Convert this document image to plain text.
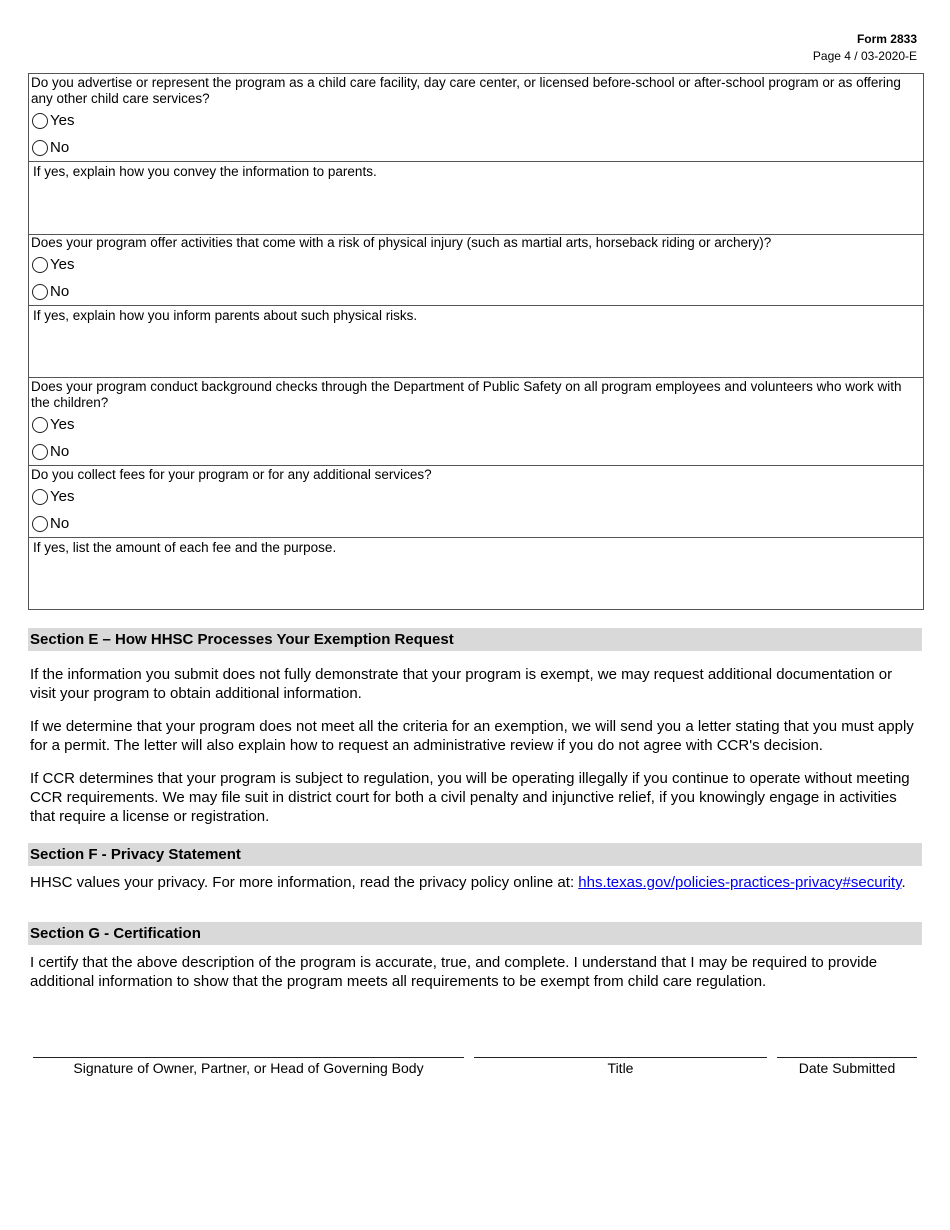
Form 2833
Page 4 / 03-2020-E
Do you advertise or represent the program as a child care facility, day care center, or licensed before-school or after-school program or as offering any other child care services?
Yes
No
If yes, explain how you convey the information to parents.
Does your program offer activities that come with a risk of physical injury (such as martial arts, horseback riding or archery)?
Yes
No
If yes, explain how you inform parents about such physical risks.
Does your program conduct background checks through the Department of Public Safety on all program employees and volunteers who work with the children?
Yes
No
Do you collect fees for your program or for any additional services?
Yes
No
If yes, list the amount of each fee and the purpose.
Section E – How HHSC Processes Your Exemption Request
If the information you submit does not fully demonstrate that your program is exempt, we may request additional documentation or visit your program to obtain additional information.
If we determine that your program does not meet all the criteria for an exemption, we will send you a letter stating that you must apply for a permit. The letter will also explain how to request an administrative review if you do not agree with CCR's decision.
If CCR determines that your program is subject to regulation, you will be operating illegally if you continue to operate without meeting CCR requirements. We may file suit in district court for both a civil penalty and injunctive relief, if you knowingly engage in activities that require a license or registration.
Section F - Privacy Statement
HHSC values your privacy. For more information, read the privacy policy online at: hhs.texas.gov/policies-practices-privacy#security.
Section G - Certification
I certify that the above description of the program is accurate, true, and complete. I understand that I may be required to provide additional information to show that the program meets all requirements to be exempt from child care regulation.
Signature of Owner, Partner, or Head of Governing Body	Title	Date Submitted
